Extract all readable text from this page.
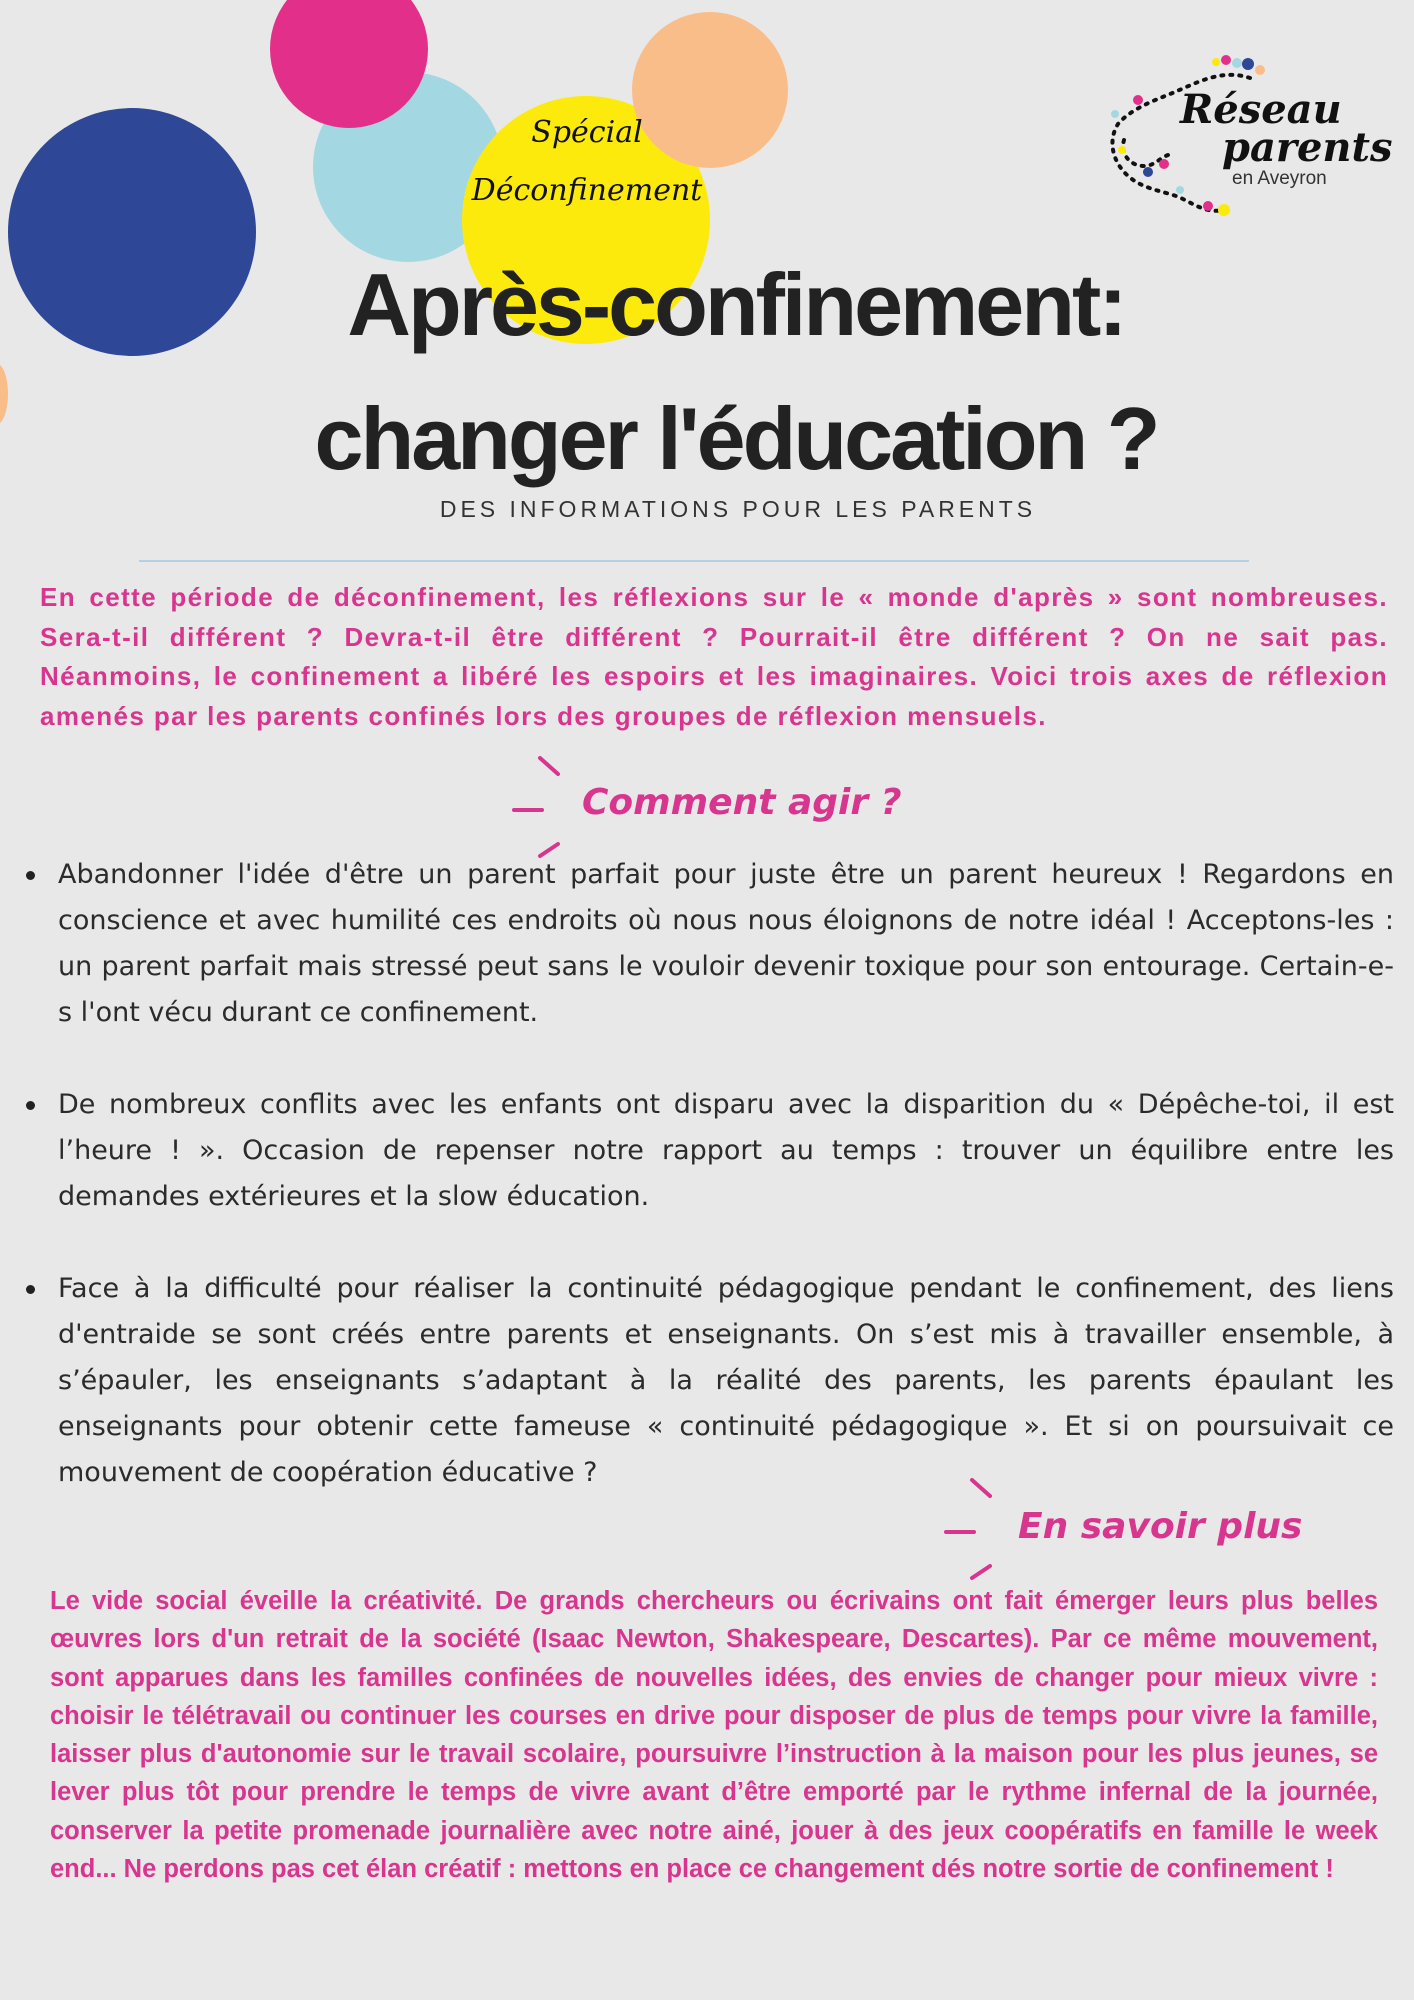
Spécial
Déconfinement
Réseau
parents
en Aveyron
Après-confinement:
changer l'éducation ?
DES INFORMATIONS POUR LES PARENTS

En cette période de déconfinement, les réflexions sur le « monde d'après » sont nombreuses. Sera-t-il différent ? Devra-t-il être différent ? Pourrait-il être différent ? On ne sait pas. Néanmoins, le confinement a libéré les espoirs et les imaginaires. Voici trois axes de réflexion amenés par les parents confinés lors des groupes de réflexion mensuels.

Comment agir ?
Abandonner l'idée d'être un parent parfait pour juste être un parent heureux ! Regardons en conscience et avec humilité ces endroits où nous nous éloignons de notre idéal ! Acceptons-les : un parent parfait mais stressé peut sans le vouloir devenir toxique pour son entourage. Certain-e-s l'ont vécu durant ce confinement.
De nombreux conflits avec les enfants ont disparu avec la disparition du « Dépêche-toi, il est l’heure ! ». Occasion de repenser notre rapport au temps : trouver un équilibre entre les demandes extérieures et la slow éducation.
Face à la difficulté pour réaliser la continuité pédagogique pendant le confinement, des liens d'entraide se sont créés entre parents et enseignants. On s’est mis à travailler ensemble, à s’épauler, les enseignants s’adaptant à la réalité des parents, les parents épaulant les enseignants pour obtenir cette fameuse « continuité pédagogique ». Et si on poursuivait ce mouvement de coopération éducative ?
En savoir plus

Le vide social éveille la créativité. De grands chercheurs ou écrivains ont fait émerger leurs plus belles œuvres lors d'un retrait de la société (Isaac Newton, Shakespeare, Descartes). Par ce même mouvement, sont apparues dans les familles confinées de nouvelles idées, des envies de changer pour mieux vivre : choisir le télétravail ou continuer les courses en drive pour disposer de plus de temps pour vivre la famille, laisser plus d'autonomie sur le travail scolaire, poursuivre l’instruction à la maison pour les plus jeunes, se lever plus tôt pour prendre le temps de vivre avant d’être emporté par le rythme infernal de la journée, conserver la petite promenade journalière avec notre ainé, jouer à des jeux coopératifs en famille le week end... Ne perdons pas cet élan créatif : mettons en place ce changement dés notre sortie de confinement !
